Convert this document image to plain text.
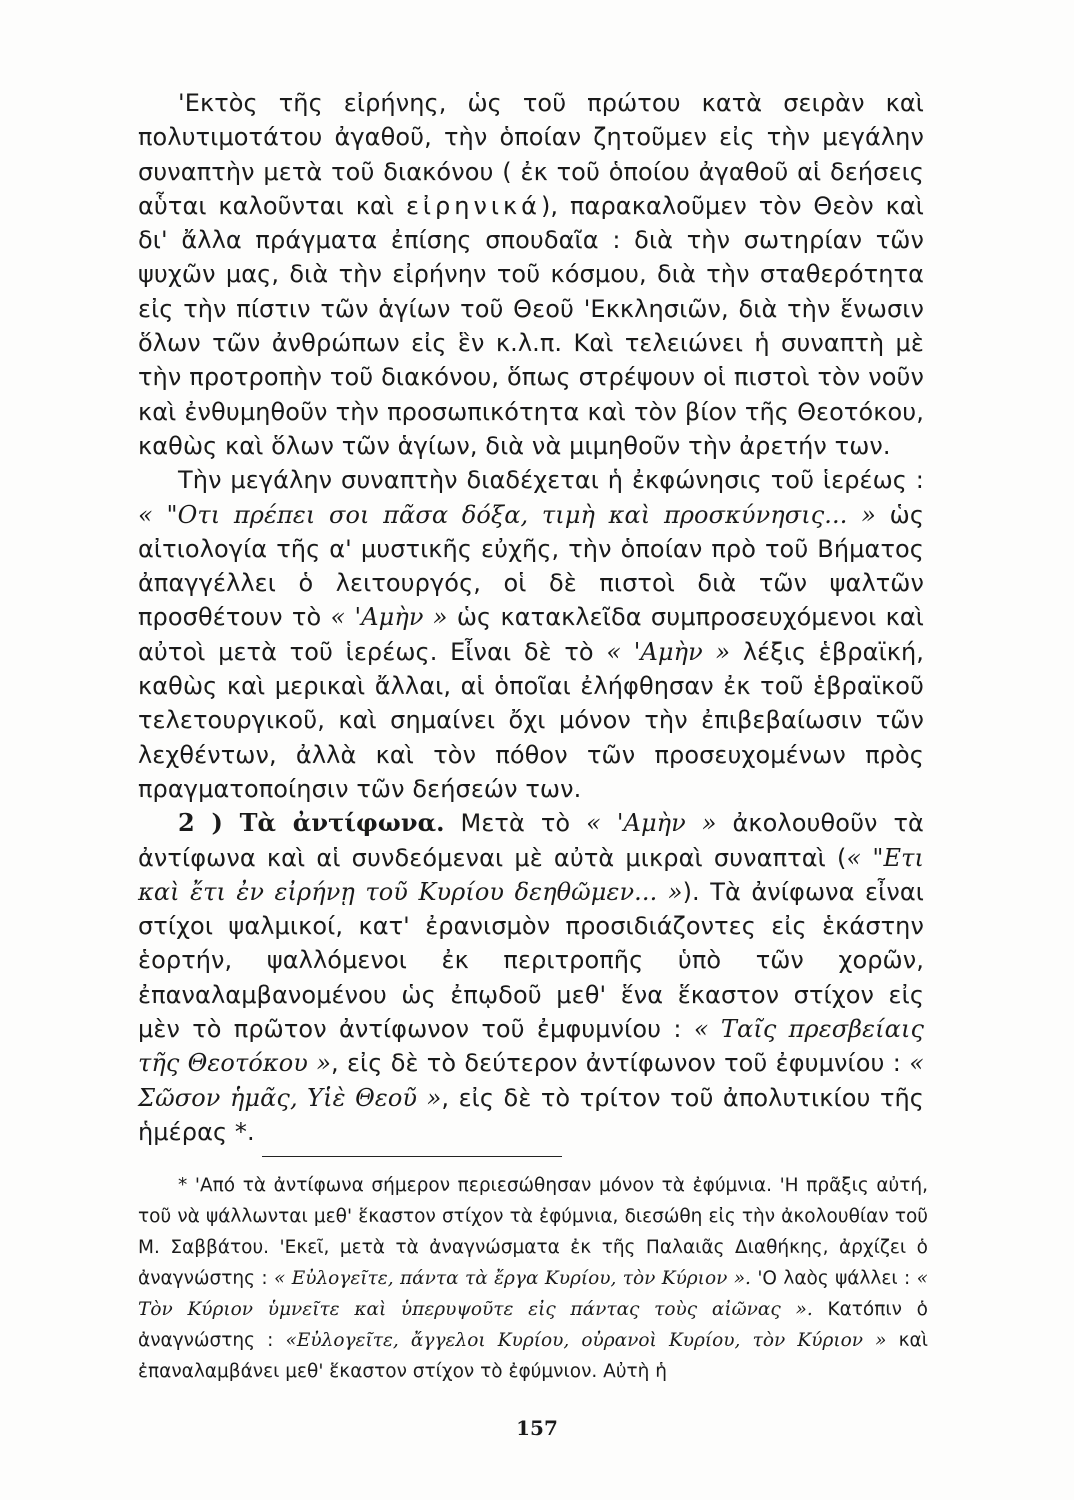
'Εκτὸς τῆς εἰρήνης, ὡς τοῦ πρώτου κατὰ σειρὰν καὶ πολυτιμοτάτου ἀγαθοῦ, τὴν ὁποίαν ζητοῦμεν εἰς τὴν μεγάλην συναπτὴν μετὰ τοῦ διακόνου ( ἐκ τοῦ ὁποίου ἀγαθοῦ αἱ δεήσεις αὗται καλοῦνται καὶ εἰρηνικά), παρακαλοῦμεν τὸν Θεὸν καὶ δι' ἄλλα πράγματα ἐπίσης σπουδαῖα : διὰ τὴν σωτηρίαν τῶν ψυχῶν μας, διὰ τὴν εἰρήνην τοῦ κόσμου, διὰ τὴν σταθερότητα εἰς τὴν πίστιν τῶν ἁγίων τοῦ Θεοῦ 'Εκκλησιῶν, διὰ τὴν ἕνωσιν ὅλων τῶν ἀνθρώπων εἰς ἓν κ.λ.π. Καὶ τελειώνει ἡ συναπτὴ μὲ τὴν προτροπὴν τοῦ διακόνου, ὅπως στρέψουν οἱ πιστοὶ τὸν νοῦν καὶ ἐνθυμηθοῦν τὴν προσωπικότητα καὶ τὸν βίον τῆς Θεοτόκου, καθὼς καὶ ὅλων τῶν ἁγίων, διὰ νὰ μιμηθοῦν τὴν ἀρετήν των.

Τὴν μεγάλην συναπτὴν διαδέχεται ἡ ἐκφώνησις τοῦ ἱερέως : « "Οτι πρέπει σοι πᾶσα δόξα, τιμὴ καὶ προσκύνησις... » ὡς αἰτιολογία τῆς α' μυστικῆς εὐχῆς, τὴν ὁποίαν πρὸ τοῦ Βήματος ἀπαγγέλλει ὁ λειτουργός, οἱ δὲ πιστοὶ διὰ τῶν ψαλτῶν προσθέτουν τὸ « 'Αμὴν » ὡς κατακλεῖδα συμπροσευχόμενοι καὶ αὐτοὶ μετὰ τοῦ ἱερέως. Εἶναι δὲ τὸ « 'Αμὴν » λέξις ἑβραϊκή, καθὼς καὶ μερικαὶ ἄλλαι, αἱ ὁποῖαι ἐλήφθησαν ἐκ τοῦ ἑβραϊκοῦ τελετουργικοῦ, καὶ σημαίνει ὄχι μόνον τὴν ἐπιβεβαίωσιν τῶν λεχθέντων, ἀλλὰ καὶ τὸν πόθον τῶν προσευχομένων πρὸς πραγματοποίησιν τῶν δεήσεών των.

2 ) Τὰ ἀντίφωνα. Μετὰ τὸ « 'Αμὴν » ἀκολουθοῦν τὰ ἀντίφωνα καὶ αἱ συνδεόμεναι μὲ αὐτὰ μικραὶ συναπταὶ (« "Ετι καὶ ἔτι ἐν εἰρήνῃ τοῦ Κυρίου δεηθῶμεν... »). Τὰ ἀνίφωνα εἶναι στίχοι ψαλμικοί, κατ' ἐρανισμὸν προσιδιάζοντες εἰς ἑκάστην ἑορτήν, ψαλλόμενοι ἐκ περιτροπῆς ὑπὸ τῶν χορῶν, ἐπαναλαμβανομένου ὡς ἐπῳδοῦ μεθ' ἕνα ἕκαστον στίχον εἰς μὲν τὸ πρῶτον ἀντίφωνον τοῦ ἐμφυμνίου : « Ταῖς πρεσβείαις τῆς Θεοτόκου », εἰς δὲ τὸ δεύτερον ἀντίφωνον τοῦ ἐφυμνίου : « Σῶσον ἡμᾶς, Υἱὲ Θεοῦ », εἰς δὲ τὸ τρίτον τοῦ ἀπολυτικίου τῆς ἡμέρας *.

* 'Από τὰ ἀντίφωνα σήμερον περιεσώθησαν μόνον τὰ ἐφύμνια. 'Η πρᾶξις αὐτή, τοῦ νὰ ψάλλωνται μεθ' ἕκαστον στίχον τὰ ἐφύμνια, διεσώθη εἰς τὴν ἀκολουθίαν τοῦ Μ. Σαββάτου. 'Εκεῖ, μετὰ τὰ ἀναγνώσματα ἐκ τῆς Παλαιᾶς Διαθήκης, ἀρχίζει ὁ ἀναγνώστης : « Εὐλογεῖτε, πάντα τὰ ἔργα Κυρίου, τὸν Κύριον ». 'Ο λαὸς ψάλλει : « Τὸν Κύριον ὑμνεῖτε καὶ ὑπερυψοῦτε εἰς πάντας τοὺς αἰῶνας ». Κατόπιν ὁ ἀναγνώστης : «Εὐλογεῖτε, ἄγγελοι Κυρίου, οὐρανοὶ Κυρίου, τὸν Κύριον » καὶ ἐπαναλαμβάνει μεθ' ἕκαστον στίχον τὸ ἐφύμνιον. Αὐτὴ ἡ

157
